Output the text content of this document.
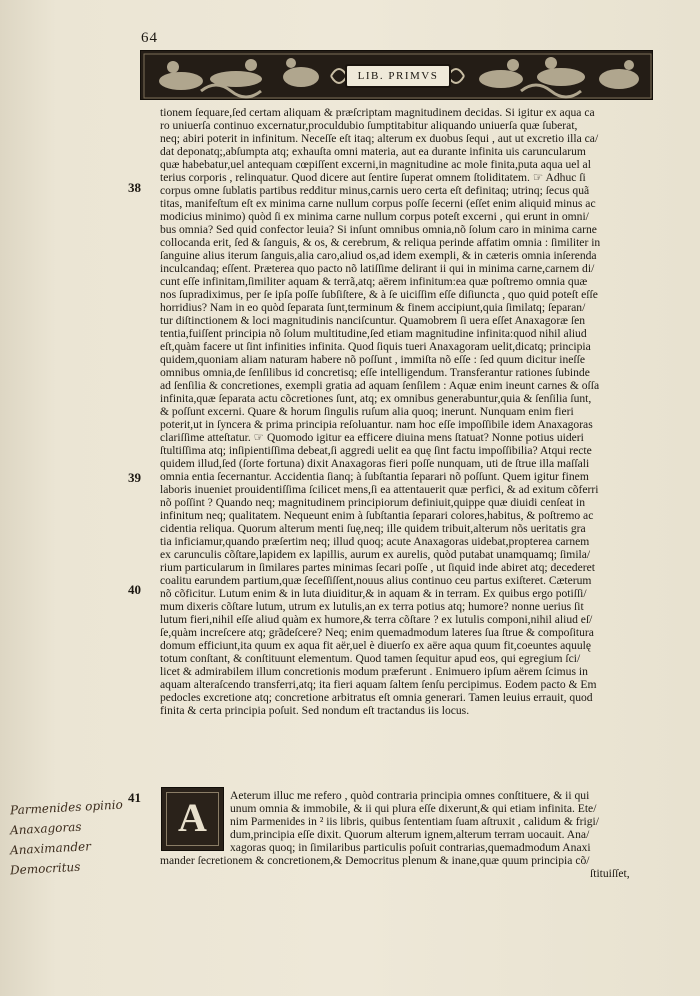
64
LIB. PRIMVS
tionem ſequare,ſed certam aliquam & præſcriptam magnitudinem decidas. Si igitur ex aqua ca
ro uniuerſa continuo excernatur,proculdubio ſumptitabitur aliquando uniuerſa quæ ſuberat,
neq; abiri poterit in infinitum. Neceſſe eſt itaq; alterum ex duobus ſequi , aut ut excretio illa ca/
dat deponatq;,abſumpta atq; exhauſta omni materia, aut ea durante infinita uis caruncularum
quæ habebatur,uel antequam cœpiſſent excerni,in magnitudine ac mole finita,puta aqua uel al
terius corporis , relinquatur. Quod dicere aut ſentire ſuperat omnem ſtoliditatem. ☞ Adhuc ſi
corpus omne ſublatis partibus redditur minus,carnis uero certa eſt definitaq; utrinq; ſecus quã
titas, manifeſtum eſt ex minima carne nullum corpus poſſe ſecerni (eſſet enim aliquid minus ac
modicius minimo) quòd ſi ex minima carne nullum corpus poteſt excerni , qui erunt in omni/
bus omnia? Sed quid confector leuia? Si inſunt omnibus omnia,nõ ſolum caro in minima carne
collocanda erit, ſed & ſanguis, & os, & cerebrum, & reliqua perinde affatim omnia : ſimiliter in
ſanguine alius iterum ſanguis,alia caro,aliud os,ad idem exempli, & in cæteris omnia inſerenda
inculcandaq; eſſent. Præterea quo pacto nõ latiſſime delirant ii qui in minima carne,carnem di/
cunt eſſe infinitam,ſimiliter aquam & terrã,atq; aërem infinitum:ea quæ poſtremo omnia quæ
nos ſupradiximus, per ſe ipſa poſſe ſubſiſtere, & à ſe uiciſſim eſſe diſiuncta , quo quid poteſt eſſe
horridius? Nam in eo quòd ſeparata ſunt,terminum & finem accipiunt,quia ſimilatq; ſeparan/
tur diſtinctionem & loci magnitudinis nanciſcuntur. Quamobrem ſi uera eſſet Anaxagoræ ſen
tentia,fuiſſent principia nõ ſolum multitudine,ſed etiam magnitudine infinita:quod nihil aliud
eſt,quàm facere ut ſint infinities infinita. Quod ſiquis tueri Anaxagoram uelit,dicatq; principia
quidem,quoniam aliam naturam habere nõ poſſunt , immiſta nõ eſſe : ſed quum dicitur ineſſe
omnibus omnia,de ſenſilibus id concretisq; eſſe intelligendum. Transferantur rationes ſubinde
ad ſenſilia & concretiones, exempli gratia ad aquam ſenſilem : Aquæ enim ineunt carnes & oſſa
infinita,quæ ſeparata actu cõcretiones ſunt, atq; ex omnibus generabuntur,quia & ſenſilia ſunt,
& poſſunt excerni. Quare & horum ſingulis ruſum alia quoq; inerunt. Nunquam enim fieri
poterit,ut in ſyncera & prima principia reſoluantur. nam hoc eſſe impoſſibile idem Anaxagoras
clariſſime atteſtatur. ☞ Quomodo igitur ea efficere diuina mens ſtatuat? Nonne potius uideri
ſtultiſſima atq; inſipientiſſima debeat,ſi aggredi uelit ea quę ſint factu impoſſibilia? Atqui recte
quidem illud,ſed (ſorte fortuna) dixit Anaxagoras fieri poſſe nunquam, uti de ſtrue illa maſſali
omnia entia ſecernantur. Accidentia ſianq; à ſubſtantia ſeparari nõ poſſunt. Quem igitur finem
laboris inueniet prouidentiſſima ſcilicet mens,ſi ea attentauerit quæ perfici, & ad exitum cõferri
nõ poſſint ? Quando neq; magnitudinem principiorum definiuit,quippe quæ diuidi cenſeat in
infinitum neq; qualitatem. Nequeunt enim à ſubſtantia ſeparari colores,habitus, & poſtremo ac
cidentia reliqua. Quorum alterum menti ſuę,neq; ille quidem tribuit,alterum nõs ueritatis gra
tia inficiamur,quando præſertim neq; illud quoq; acute Anaxagoras uidebat,propterea carnem
ex carunculis cõſtare,lapidem ex lapillis, aurum ex aurelis, quòd putabat unamquamq; ſimila/
rium particularum in ſimilares partes minimas ſecari poſſe , ut ſiquid inde abiret atq; decederet
coalitu earundem partium,quæ ſeceſſiſſent,nouus alius continuo ceu partus exiſteret. Cæterum
nõ cõficitur. Lutum enim & in luta diuiditur,& in aquam & in terram. Ex quibus ergo potiſſi/
mum dixeris cõſtare lutum, utrum ex lutulis,an ex terra potius atq; humore? nonne uerius ſit
lutum fieri,nihil eſſe aliud quàm ex humore,& terra cõſtare ? ex lutulis componi,nihil aliud eſ/
ſe,quàm increſcere atq; grãdeſcere? Neq; enim quemadmodum lateres ſua ſtrue & compoſitura
domum efficiunt,ita quum ex aqua fit aër,uel è diuerſo ex aëre aqua quum fit,coeuntes aquulę
totum conſtant, & conſtituunt elementum. Quod tamen ſequitur apud eos, qui egregium ſci/
licet & admirabilem illum concretionis modum præferunt . Enimuero ipſum aërem ſcimus in
aquam alteraſcendo transferri,atq; ita fieri aquam ſaltem ſenſu percipimus. Eodem pacto & Em
pedocles excretione atq; concretione arbitratus eſt omnia generari. Tamen leuius errauit, quod
finita & certa principia poſuit. Sed nondum eſt tractandus iis locus.
Aeterum illuc me refero , quòd contraria principia omnes conſtituere, & ii qui
unum omnia & immobile, & ii qui plura eſſe dixerunt,& qui etiam infinita. Ete/
nim Parmenides in ² iis libris, quibus ſententiam ſuam aſtruxit , calidum & frigi/
dum,principia eſſe dixit. Quorum alterum ignem,alterum terram uocauit. Ana/
xagoras quoq; in ſimilaribus particulis poſuit contrarias,quemadmodum Anaxi
mander ſecretionem & concretionem,& Democritus plenum & inane,quæ quum principia cõ/
ſtituiſſet,
38
39
40
41 A
Parmenides opinio
Anaxagoras
Anaximander
Democritus
